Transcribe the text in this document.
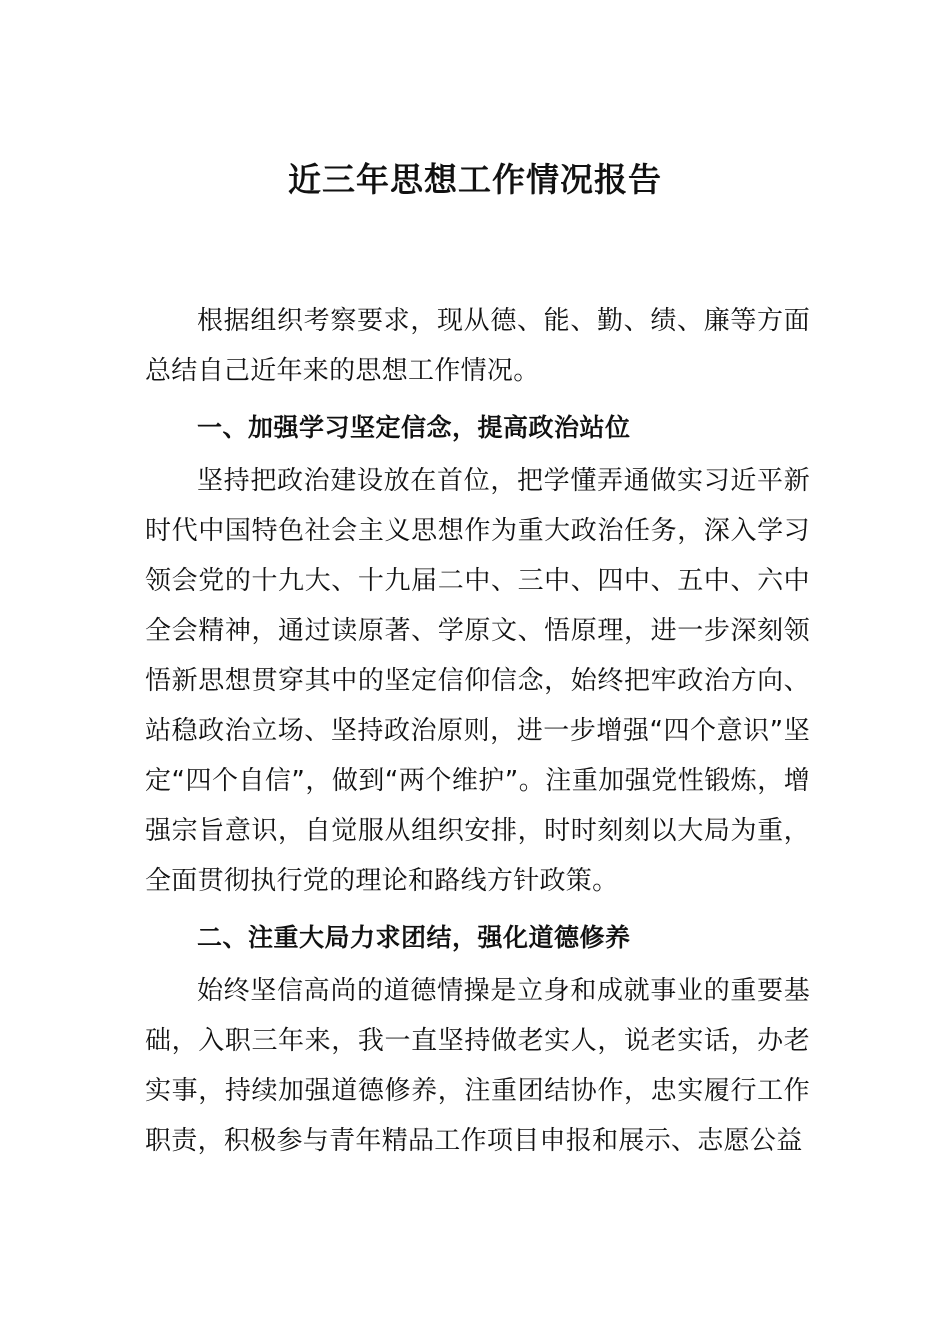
近三年思想工作情况报告

根据组织考察要求，现从德、能、勤、绩、廉等方面总结自己近年来的思想工作情况。

一、加强学习坚定信念，提高政治站位

坚持把政治建设放在首位，把学懂弄通做实习近平新时代中国特色社会主义思想作为重大政治任务，深入学习领会党的十九大、十九届二中、三中、四中、五中、六中全会精神，通过读原著、学原文、悟原理，进一步深刻领悟新思想贯穿其中的坚定信仰信念，始终把牢政治方向、站稳政治立场、坚持政治原则，进一步增强“四个意识”坚定“四个自信”，做到“两个维护”。注重加强党性锻炼，增强宗旨意识，自觉服从组织安排，时时刻刻以大局为重，全面贯彻执行党的理论和路线方针政策。

二、注重大局力求团结，强化道德修养

始终坚信高尚的道德情操是立身和成就事业的重要基础，入职三年来，我一直坚持做老实人，说老实话，办老实事，持续加强道德修养，注重团结协作，忠实履行工作职责，积极参与青年精品工作项目申报和展示、志愿公益
